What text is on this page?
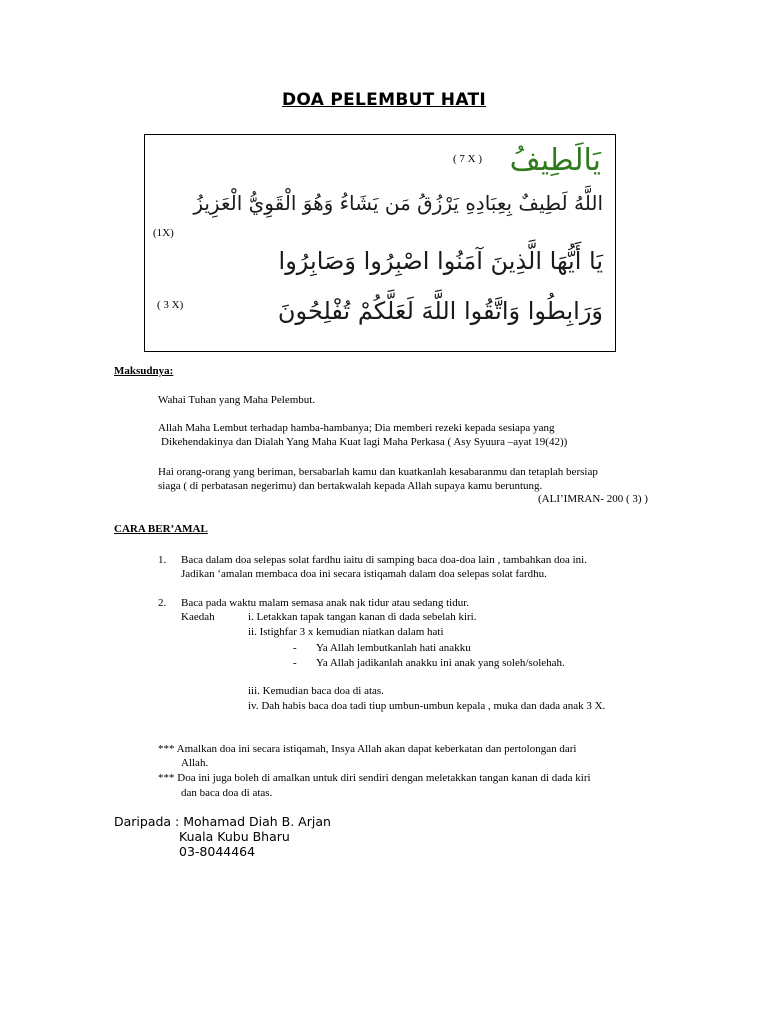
DOA PELEMBUT HATI
( 7 X ) يَالَطِيفُ
(1X)
اللَّهُ لَطِيفٌ بِعِبَادِهِ يَرْزُقُ مَن يَشَاءُ وَهُوَ الْقَوِيُّ الْعَزِيزُ
يَا أَيُّهَا الَّذِينَ آمَنُوا اصْبِرُوا وَصَابِرُوا
( 3 X)	وَرَابِطُوا وَاتَّقُوا اللَّهَ لَعَلَّكُمْ تُفْلِحُونَ
Maksudnya:
Wahai Tuhan yang Maha Pelembut.
Allah Maha Lembut terhadap hamba-hambanya; Dia memberi rezeki kepada sesiapa yang
Dikehendakinya dan Dialah Yang Maha Kuat lagi Maha Perkasa ( Asy Syuura –ayat 19(42))
Hai orang-orang yang beriman, bersabarlah kamu dan kuatkanlah kesabaranmu dan tetaplah bersiap
siaga ( di perbatasan negerimu) dan bertakwalah kepada Allah supaya kamu beruntung.
(ALI’IMRAN- 200 ( 3) )
CARA BER’AMAL
1. Baca dalam doa selepas solat fardhu iaitu di samping baca doa-doa lain , tambahkan doa ini.
Jadikan ‘amalan membaca doa ini secara istiqamah dalam doa selepas solat fardhu.
2. Baca pada waktu malam semasa anak nak tidur atau sedang tidur.
Kaedah	i. Letakkan tapak tangan kanan di dada sebelah kiri.
ii. Istighfar 3 x kemudian niatkan dalam hati
- Ya Allah lembutkanlah hati anakku
- Ya Allah jadikanlah anakku ini anak yang soleh/solehah.
iii. Kemudian baca doa di atas.
iv. Dah habis baca doa tadi tiup umbun-umbun kepala , muka dan dada anak 3 X.
*** Amalkan doa ini secara istiqamah, Insya Allah akan dapat keberkatan dan pertolongan dari
Allah.
*** Doa ini juga boleh di amalkan untuk diri sendiri dengan meletakkan tangan kanan di dada kiri
dan baca doa di atas.
Daripada : Mohamad Diah B. Arjan
Kuala Kubu Bharu
03-8044464
